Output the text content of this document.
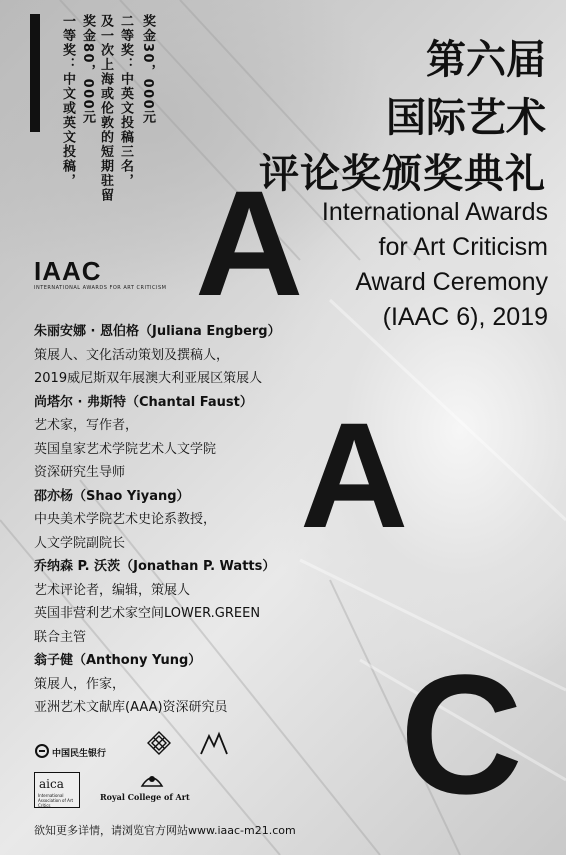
奖金30，000元
二等奖：中英文投稿三名，
及一次上海或伦敦的短期驻留
奖金80，000元
一等奖：中文或英文投稿，	第六届
国际艺术
评论奖颁奖典礼
International Awards
for Art Criticism
Award Ceremony
(IAAC 6), 2019
A
A
C
IAAC
INTERNATIONAL AWARDS FOR ART CRITICISM
朱丽安娜 · 恩伯格（Juliana Engberg）
策展人、文化活动策划及撰稿人，
2019威尼斯双年展澳大利亚展区策展人
尚塔尔 · 弗斯特（Chantal Faust）
艺术家，写作者，
英国皇家艺术学院艺术人文学院
资深研究生导师
邵亦杨（Shao Yiyang）
中央美术学院艺术史论系教授，
人文学院副院长
乔纳森 P. 沃茨（Jonathan P. Watts）
艺术评论者，编辑，策展人
英国非营利艺术家空间LOWER.GREEN
联合主管
翁子健（Anthony Yung）
策展人，作家，
亚洲艺术文献库(AAA)资深研究员
中国民生银行
aica
International Association of Art Critics
Royal College of Art
欲知更多详情，请浏览官方网站www.iaac-m21.com
